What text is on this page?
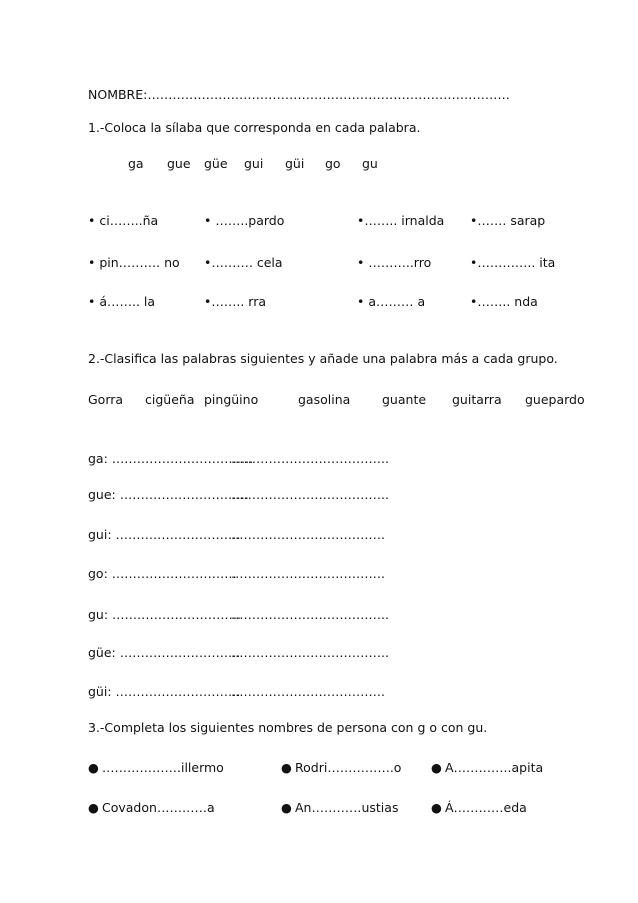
NOMBRE:……………………………………………………………………………
1.-Coloca la sílaba que corresponda en cada palabra.
ga gue güe gui güi go gu
• ci……..ña	• ……..pardo	•…….. irnalda •……. sarap
• pin………. no •………. cela	• ………..rro	•………….. ita
• á…….. la	•…….. rra	• a……… a	•…….. nda
2.-Clasifica las palabras siguientes y añade una palabra más a cada grupo.
Gorra cigüeña pingüino	gasolina	guante guitarra guepardo
ga: …………………………….
………………………………..
gue: ………………………….
………………………………..
gui: …………………………
……………………………….
go: …………………………
……………………………….
gu: ………………………….
………………………………..
güe: ………………………..
………………………………..
güi: …………………………
……………………………….
3.-Completa los siguientes nombres de persona con g o con gu.
● ……………….illermo	● Rodri…………….o ● A…………..apita
● Covadon…………a	● An…………ustias	● Á…………eda
